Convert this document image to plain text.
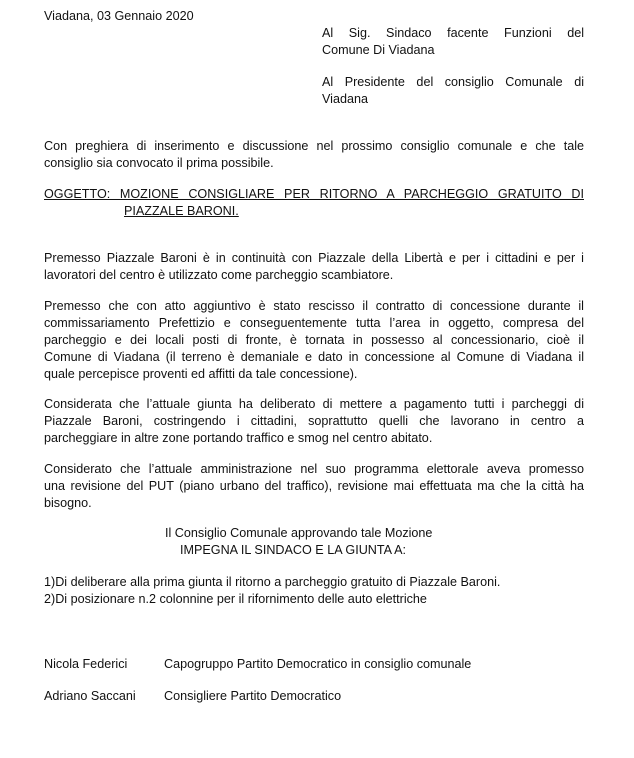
Viadana, 03 Gennaio 2020

Al Sig. Sindaco facente Funzioni del

Comune Di Viadana

Al Presidente del consiglio Comunale di

Viadana

Con preghiera di inserimento e discussione nel prossimo consiglio comunale e che tale

consiglio sia convocato il prima possibile.

OGGETTO: MOZIONE CONSIGLIARE PER RITORNO A PARCHEGGIO GRATUITO DI

PIAZZALE BARONI.

Premesso Piazzale Baroni è in continuità con Piazzale della Libertà e per i cittadini e per i

lavoratori del centro è utilizzato come parcheggio scambiatore.

Premesso che con atto aggiuntivo è stato rescisso il contratto di concessione durante il

commissariamento Prefettizio e conseguentemente tutta l’area in oggetto, compresa del

parcheggio e dei locali posti di fronte, è tornata in possesso al concessionario, cioè il

Comune di Viadana (il terreno è demaniale e dato in concessione al Comune di Viadana il

quale percepisce proventi ed affitti da tale concessione).

Considerata che l’attuale giunta ha deliberato di mettere a pagamento tutti i parcheggi di

Piazzale Baroni, costringendo i cittadini, soprattutto quelli che lavorano in centro a

parcheggiare in altre zone portando traffico e smog nel centro abitato.

Considerato che l’attuale amministrazione nel suo programma elettorale aveva promesso

una revisione del PUT (piano urbano del traffico), revisione mai effettuata ma che la città ha

bisogno.

Il Consiglio Comunale approvando tale Mozione

IMPEGNA IL SINDACO E LA GIUNTA A:

1)Di deliberare alla prima giunta il ritorno a parcheggio gratuito di Piazzale Baroni.

2)Di posizionare n.2 colonnine per il rifornimento delle auto elettriche

Nicola Federici	Capogruppo Partito Democratico in consiglio comunale

Adriano Saccani Consigliere Partito Democratico
